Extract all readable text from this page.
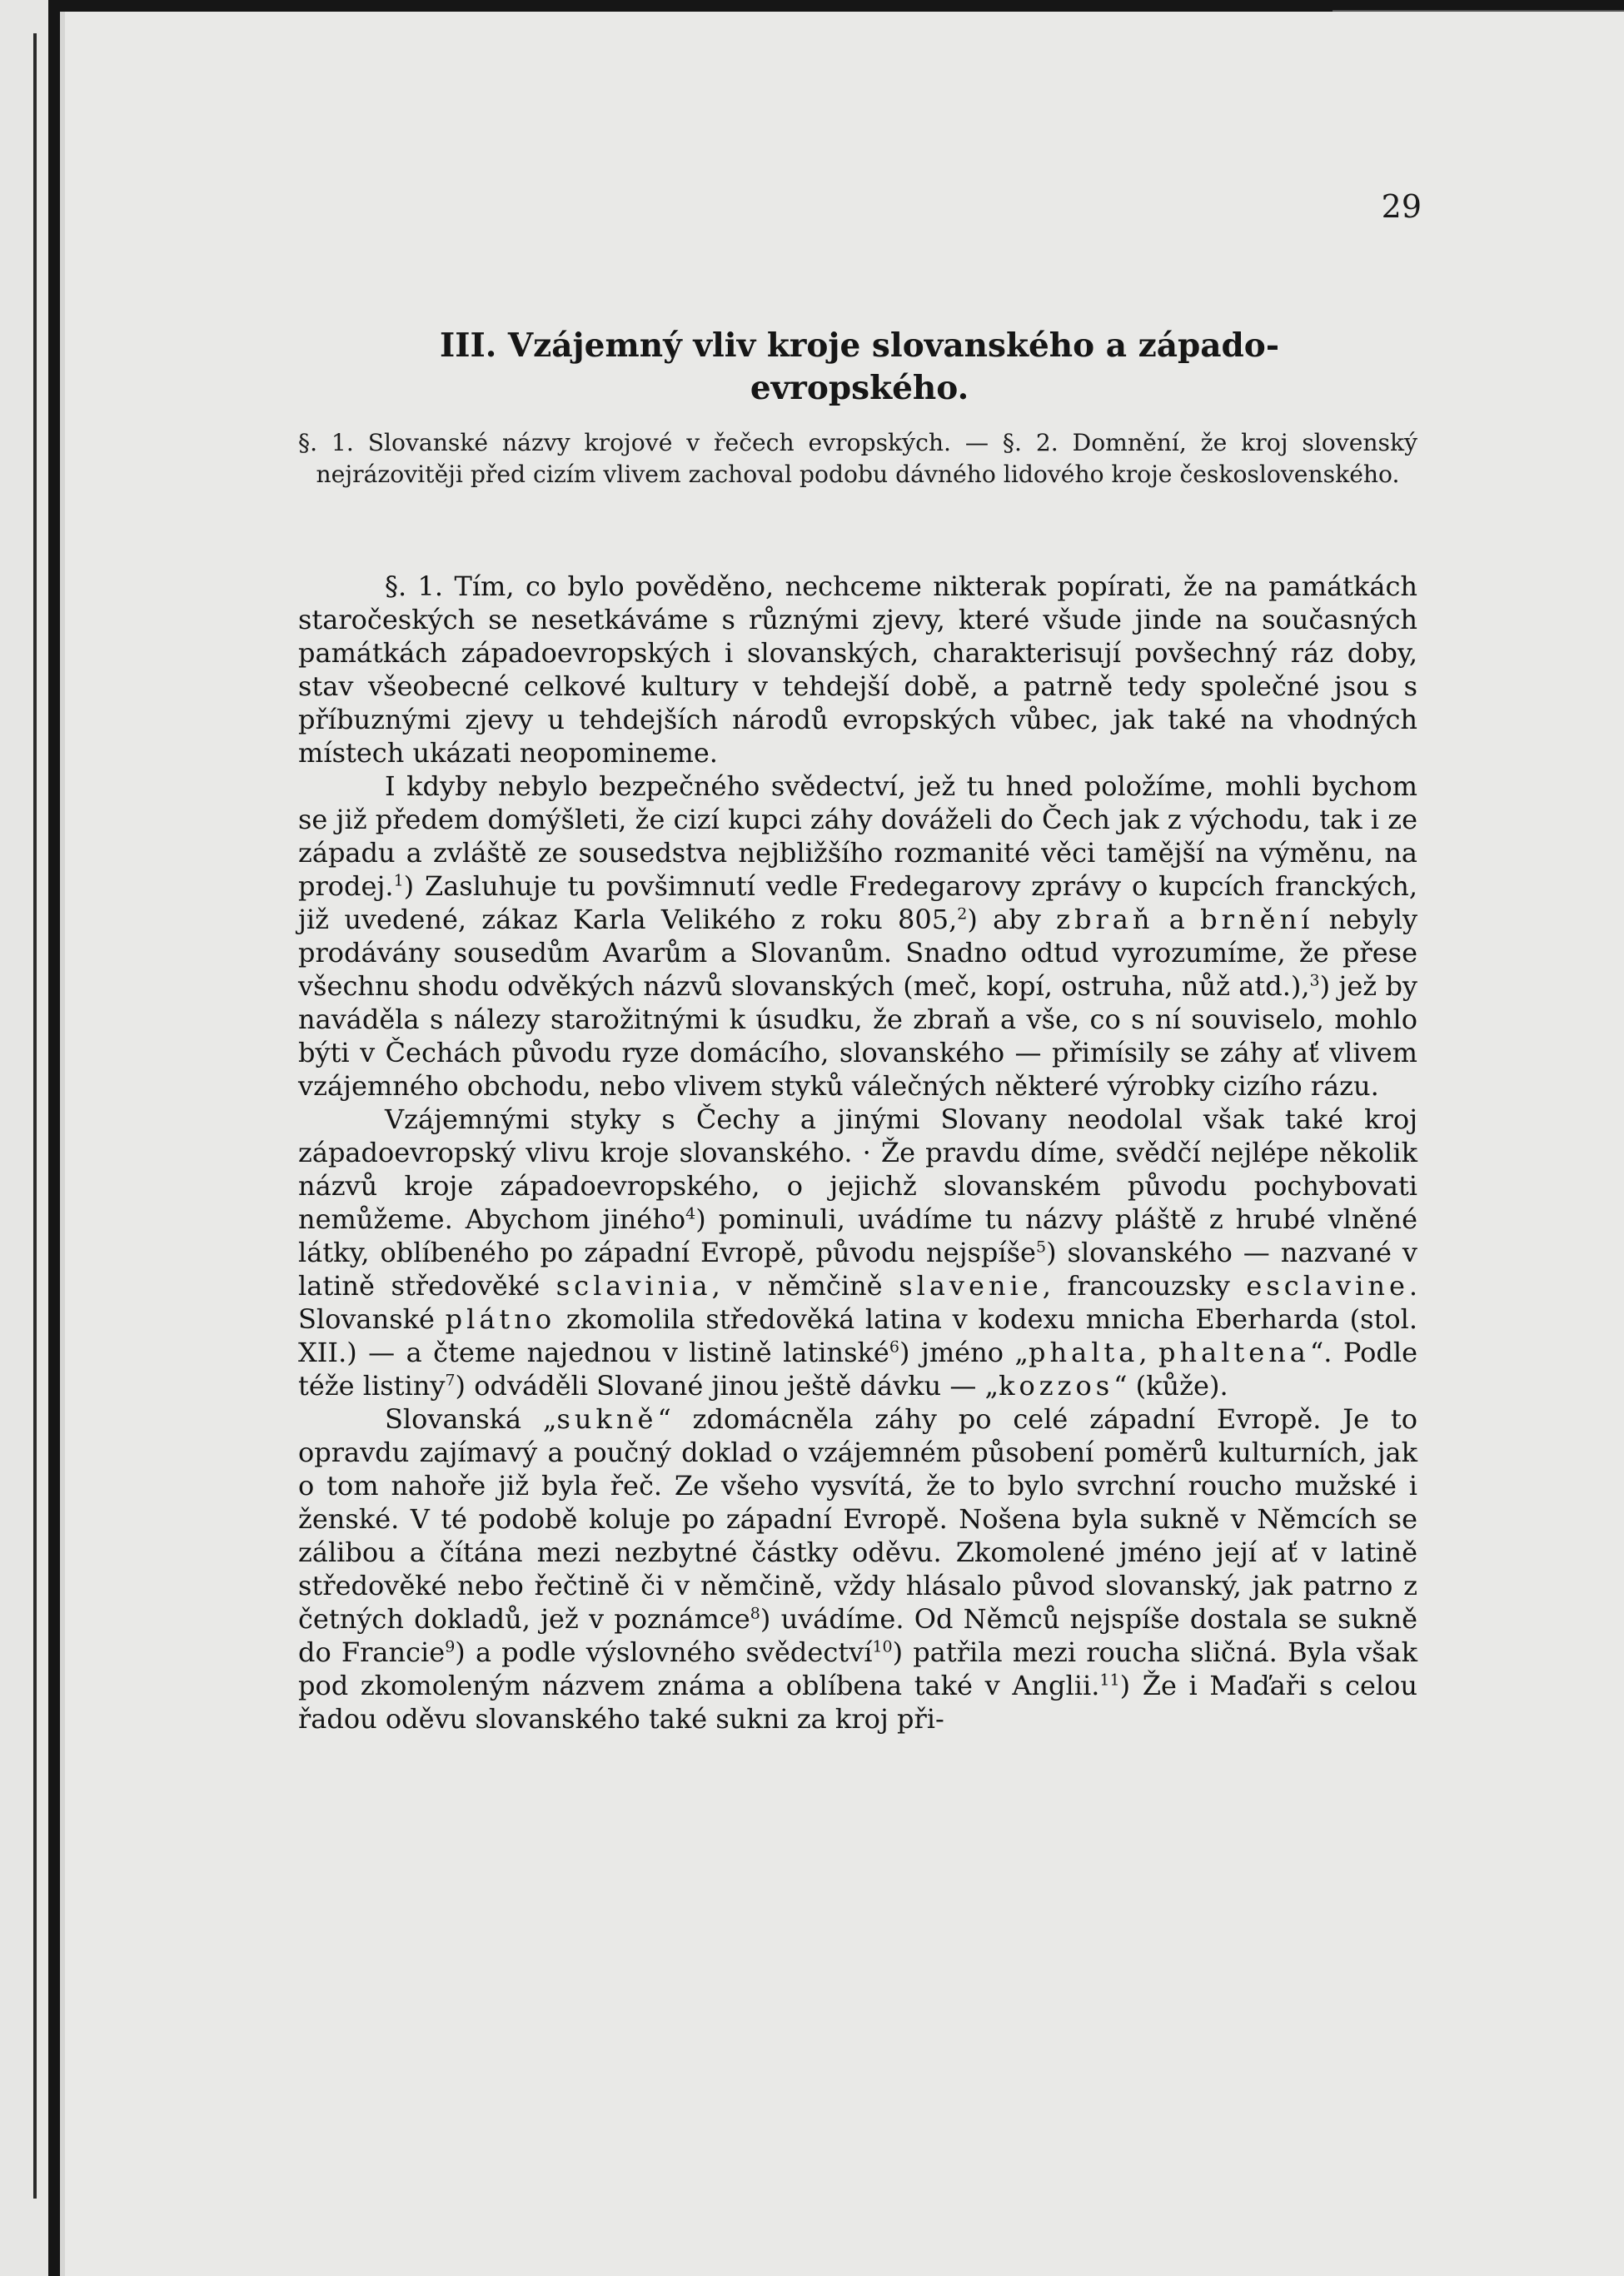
29
III. Vzájemný vliv kroje slovanského a západo-
evropského.
§. 1. Slovanské názvy krojové v řečech evropských. — §. 2. Domnění, že kroj slovenský nejrázovitěji před cizím vlivem zachoval podobu dávného lidového kroje československého.

§. 1. Tím, co bylo pověděno, nechceme nikterak popírati, že na památkách staročeských se nesetkáváme s různými zjevy, které všude jinde na současných památkách západoevropských i slovanských, charakterisují povšechný ráz doby, stav všeobecné celkové kultury v tehdejší době, a patrně tedy společné jsou s příbuznými zjevy u tehdejších národů evropských vůbec, jak také na vhodných místech ukázati neopomineme.

I kdyby nebylo bezpečného svědectví, jež tu hned položíme, mohli bychom se již předem domýšleti, že cizí kupci záhy dováželi do Čech jak z východu, tak i ze západu a zvláště ze sousedstva nejbližšího rozmanité věci tamější na výměnu, na prodej.$^1$) Zasluhuje tu povšimnutí vedle Fredegarovy zprávy o kupcích franckých, již uvedené, zákaz Karla Velikého z roku 805,$^2$) aby zbraň a brnění nebyly prodávány sousedům Avarům a Slovanům. Snadno odtud vyrozumíme, že přese všechnu shodu odvěkých názvů slovanských (meč, kopí, ostruha, nůž atd.),$^3$) jež by naváděla s nálezy starožitnými k úsudku, že zbraň a vše, co s ní souviselo, mohlo býti v Čechách původu ryze domácího, slovanského — přimísily se záhy ať vlivem vzájemného obchodu, nebo vlivem styků válečných některé výrobky cizího rázu.

Vzájemnými styky s Čechy a jinými Slovany neodolal však také kroj západoevropský vlivu kroje slovanského. · Že pravdu díme, svědčí nejlépe několik názvů kroje západoevropského, o jejichž slovanském původu pochybovati nemůžeme. Abychom jiného$^4$) pominuli, uvádíme tu názvy pláště z hrubé vlněné látky, oblíbeného po západní Evropě, původu nejspíše$^5$) slovanského — nazvané v latině středověké sclavinia, v němčině slavenie, francouzsky esclavine. Slovanské plátno zkomolila středověká latina v kodexu mnicha Eberharda (stol. XII.) — a čteme najednou v listině latinské$^6$) jméno „phalta, phaltena“. Podle téže listiny$^7$) odváděli Slované jinou ještě dávku — „kozzos“ (kůže).

Slovanská „sukně“ zdomácněla záhy po celé západní Evropě. Je to opravdu zajímavý a poučný doklad o vzájemném působení poměrů kulturních, jak o tom nahoře již byla řeč. Ze všeho vysvítá, že to bylo svrchní roucho mužské i ženské. V té podobě koluje po západní Evropě. Nošena byla sukně v Němcích se zálibou a čítána mezi nezbytné částky oděvu. Zkomolené jméno její ať v latině středověké nebo řečtině či v němčině, vždy hlásalo původ slovanský, jak patrno z četných dokladů, jež v poznámce$^8$) uvádíme. Od Němců nejspíše dostala se sukně do Francie$^9$) a podle výslovného svědectví$^{10}$) patřila mezi roucha sličná. Byla však pod zkomoleným názvem známa a oblíbena také v Anglii.$^{11}$) Že i Maďaři s celou řadou oděvu slovanského také sukni za kroj při-
